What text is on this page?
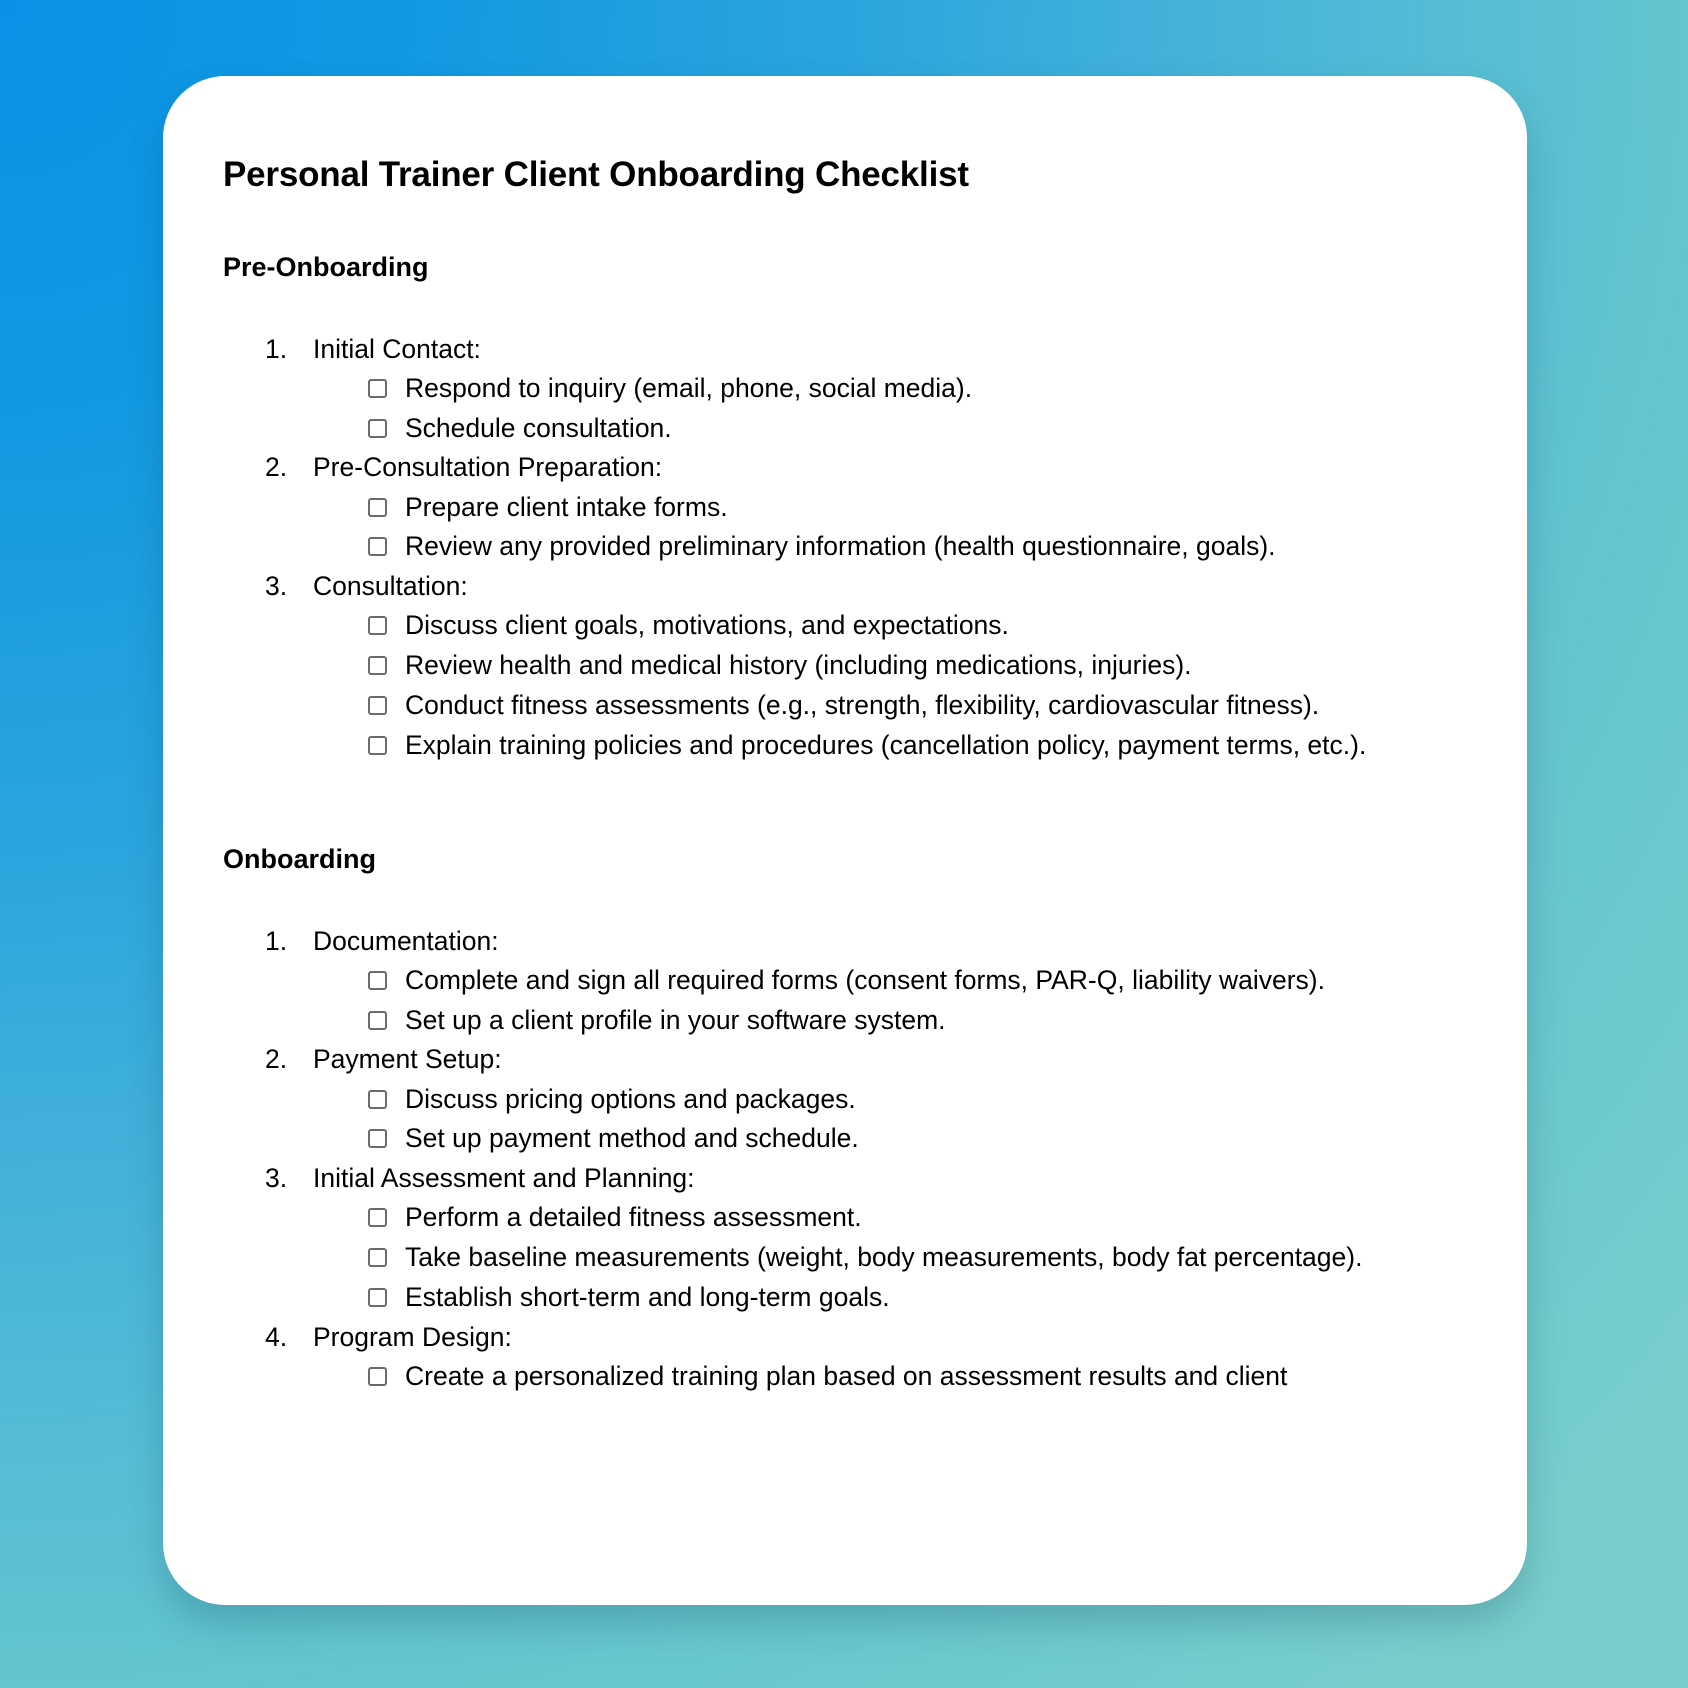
Personal Trainer Client Onboarding Checklist
Pre-Onboarding
1. Initial Contact:
Respond to inquiry (email, phone, social media).
Schedule consultation.
2. Pre-Consultation Preparation:
Prepare client intake forms.
Review any provided preliminary information (health questionnaire, goals).
3. Consultation:
Discuss client goals, motivations, and expectations.
Review health and medical history (including medications, injuries).
Conduct fitness assessments (e.g., strength, flexibility, cardiovascular fitness).
Explain training policies and procedures (cancellation policy, payment terms, etc.).
Onboarding
1. Documentation:
Complete and sign all required forms (consent forms, PAR-Q, liability waivers).
Set up a client profile in your software system.
2. Payment Setup:
Discuss pricing options and packages.
Set up payment method and schedule.
3. Initial Assessment and Planning:
Perform a detailed fitness assessment.
Take baseline measurements (weight, body measurements, body fat percentage).
Establish short-term and long-term goals.
4. Program Design:
Create a personalized training plan based on assessment results and client
